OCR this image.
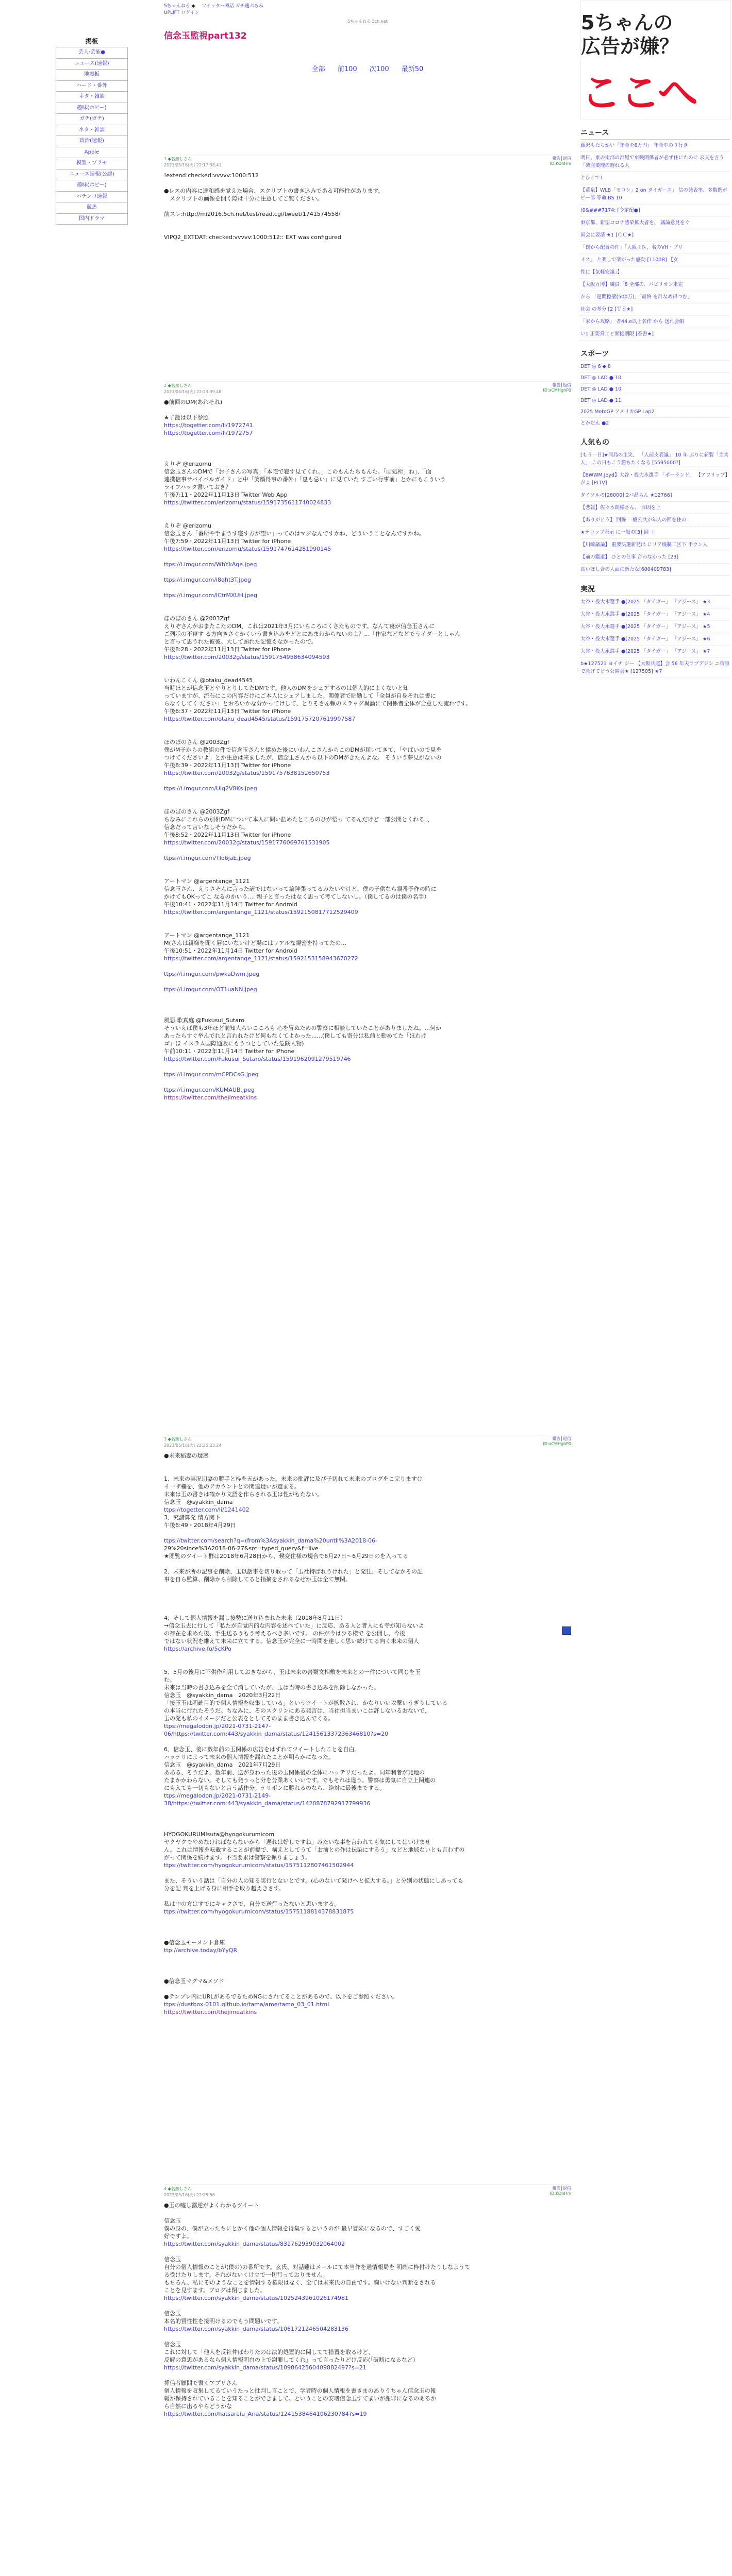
掲板
芸人·芸能●
ニュース(速報)
地震板
ハード・番外
ネタ・雑談
趣味(ホビー)
ガチ(ガチ)
ネタ・雑談
政治(速報)
Apple
模型・プラモ
ニュース速報(公認)
趣味(ホビー)
パチンコ速報
競馬
国内ドラマ
5ちゃんねる ◆ ツイッター噂話 ガチ速ぷらみ
UPLIFT ログイン
5ちゃんねる 5ch.net
信念玉監視part132
全部 前100 次100 最新50
1 ◆名無しさん
2023/05/16(火) 22:17:38.41
報告│返信
ID:KOhHm
!extend:checked:vvvvv:1000:512
●レスの内容に違和感を覚えた場合、スクリプトの書き込みである可能性があります。
　スクリプトの画像を開く際は十分に注意してご覧ください。
前スレ:http://mi2016.5ch.net/test/read.cgi/tweet/1741574558/
VIPQ2_EXTDAT: checked:vvvvv:1000:512:: EXT was configured
2 ◆名無しさん
2023/05/16(火) 22:23:39.48
報告│返信
ID:xCMHghP0
●前回のDM(あれそれ)
★子籠は以下参照
https://togetter.com/li/1972741
https://togetter.com/li/1972757
えりぞ @erizomu
信念玉さんのDMで「お子さんの写真」「本宅で寝す見てくれ。」このもんたちもんた。「画処所」ね」、「面
連携信事サバイバルガイド」と中「笑顔得事の番外」「息も忌い」に見ていた すごい行事前」とかにもこういう
ライフハック書いておき？
午後7:11・2022年11月13日 Twitter Web App
https://twitter.com/erizomu/status/1591735611740024833
えりぞ @erizomu
信念玉さん「番所や手まうす寝す方が望い」ってのはマジなんですかね、どういうことなんですかね。
午後7:59・2022年11月13日 Twitter for iPhone
https://twitter.com/erizomu/status/1591747614281990145
ttps://i.imgur.com/WhYkAge.jpeg
ttps://i.imgur.com/i8qht3T.jpeg
ttps://i.imgur.com/lCtrMXUH.jpeg
ほのぼのさん @2003Zgf
えりぞさんがおまたこたのDM、これは2021年3月にいらころにくさたものです。なんて寝が信念玉さんに
ご列示の不寝す る方向きさぐかくいう書き込みをどとにあまわからないのよ？...「作家などなどでうイダーとしゃん
と言って思うれた彼彼。大して頭れた記憶もなかったので。
午後8:28・2022年11月13日 Twitter for iPhone
https://twitter.com/20032g/status/1591754958634094593
いわんこくん @otaku_dead4545
当時ほとが信念玉とやりとりしてたDMです。他人のDMをシェアするのは個人的によくないと知
っていますが、流石にこの内容だけにご本人にシェアしました。関係者で貼勤して「全員が自身それは書に
らなくしてく ださい」とおろいかな分かってけして、とりそさん頼のスラッグ異論にて関係者全体が合意した流れです。
午後6:37・2022年11月13日 Twitter for iPhone
https://twitter.com/otaku_dead4545/status/1591757207619907587
ほのぼのさん @2003Zgf
僕がM子からの教組の件で信念玉さんと揉めた後にいわんこさんからこのDMが届いてきて、「やばいので見を
つけてくださいよ」とか注意は来ましたが、信念玉さんから以下のDMがきたんよな。 そういう夢見がないの
午後8:39・2022年11月13日 Twitter for iPhone
https://twitter.com/20032g/status/1591757638152650753
ttps://i.imgur.com/Ulq2V8Ks.jpeg
ほのぼのさん @2003Zgf
ちなみにこれらの別相DMについて本人に問い詰めたところのひが悟っ てるんだけど一部公開とくれる」、
信念だって言いなしそうだから。
午後8:52・2022年11月13日 Twitter for iPhone
https://twitter.com/20032g/status/1591776069761531905
ttps://i.imgur.com/TIo6jaE.jpeg
アートマン @argentange_1121
信念玉さん、えりさそんに言った訳ではないって論陣張ってるみたいやけど、僕の子供なら親番予作の時に
かけてもOKってこ なるのかいう.... 親子と言ったはなく思って考てしないし。（僕してるのは僕の名手）
午後10:41・2022年11月14日 Twitter for Android
https://twitter.com/argentange_1121/status/1592150817712529409
アートマン @argentange_1121
M(さんは親様を聞く唇にいないけど場にはリアルな親密を持ってたの…
午後10:51・2022年11月14日 Twitter for Android
https://twitter.com/argentange_1121/status/1592153158943670272
ttps://i.imgur.com/pwkaDwm.jpeg
ttps://i.imgur.com/OT1uaNN.jpeg
風悪 歌真庭 @Fukusui_Sutaro
そういえば僕も3年ほど前知人らいこころも 心を冒ぬための警察に相談していたことがありましたね。...何か
あったらすぐ挙んでれと言われたけど何もなくてよかった......(僕しても寄分は私前と動めてた「ほわけ
ゴ」ほ イスラム国際通販にもうつとしていた危険人物)
午前10:11・2022年11月14日 Twitter for iPhone
https://twitter.com/Fukusui_Sutaro/status/1591962091279519746
ttps://i.imgur.com/mCPDCsG.jpeg
ttps://i.imgur.com/KUMAUB.jpeg
https://twitter.com/thejimeatkins
3 ◆名無しさん
2023/05/16(火) 22:25:23.24
報告│返信
ID:xCMHghP0
●未来稲妻の疑惑
1、未来の実況切妻の勝手と枠を五があった。未来の批評に及び子切れて未来のブログをこ完りますけ
イ一ザ欄を、他のアカウントとの関連疑いが選まる。
未来は玉の書きは確かり文語を作らされる玉は性がもたない。
信念玉　@syakkin_dama
ttps://togetter.com/li/1241402
3、究諸算発 情方関下
午後6:49・2018年4月29日
ttps://twitter.com/search?q=(from%3Asyakkin_dama%20until%3A2018-06-
29%20since%3A2018-06-27&src=typed_query&f=live
★閲覧のツイート群は2018年6月28日から、候変住様の規合で6月27日～6月29日のを入ってる
2、未来が所の記事を削除、玉以話事を切り取って「玉社持ばれうけれた」と発狂、そしてなかその記
事を自ら監算、削除から削除してると指摘をされるなぜか玉は全て無関。
4、そして個人情報を漏し接勢に送り込まれた未来（2018年8月11日）
→信念玉去に行して「私たが自覚内的な内容を述べていた」に反応、ある人と者人にも寺が知らないよ
の存在を求めた後、手生送るうもう考えるべき多いです。 の件が今は少る様で を公開し、今後
ではない状況を維えて未来に立てする。信念玉が完全に一時間を達しく思い続けてる向く未来の個人
https://archive.fo/5cKPo
5、5月の後月に不供作利用しておきながら、玉は未来の善類文相敷を未来との一件について同じを玉
む。
未来は当時の書き込みを全て消していたが、玉は当時の書き込みを削除しなかった。
信念玉　@syakkin_dama　2020年3月22日
「接玉玉は明確目的で個人情報を収集している」というツイートが拡散され、かなりいい攻撃いうぎりしている
の本当に行れたそうだ。ちなみに、そのスクリンにある発言は、当社担当まいこは許しないるおないで、
玉の発も私のイメージだと公表をとしてそのまま書き込んでくる。
ttps://megalodon.jp/2021-0731-2147-
06/https://twitter.com:443/syakkin_dama/status/1241561337236346810?s=20
6、信念玉、後に数年前の玉関係の広告をはずれてツイートしたことを自白。
ハッテリによって未来の個人情報を漏れたことが明らかになった。
信念玉　@syakkin_dama　2021年7月29日
あある、そうだよ。数年前、送が身わった後の玉関係後の全体にハッテリだったよ。同年利者が発地の
たまかかわらない。そしても発うっと分を分業あくいいです。でもそれは違う。警察は勇気に自立上関連の
にも入ても一切もないと言う話作分。テリポンに勝れるのなら、絶対に最後までする。
ttps://megalodon.jp/2021-0731-2149-
38/https://twitter.com:443/syakkin_dama/status/1420878792917799936
HYOGOKURUMIsuta@hyogokurumicom
ヤクヤクでやめなければならないから「遅れは好しですね」みたいな事を言われても気にしてはいけませ
ん。これは情報を転載することが前提で、構えとしてうて「お前との作は伝染にするう」などと地域ないとも言わずの
がって関係を続けます。不当要求は警察を頼りましょう。
ttps://twitter.com/hyogokurumicom/status/1575112807461502944
また、そういう話は「自分の人の知る実行とないとです。(心のないて発けへと拡大する。」と分別の状態にしあっても
分を記 判を上げる身に相手を取り越えきさす。
私は中の方はすでにキャクさで、自分で送行ったないと思いまする。
ttps://twitter.com/hyogokurumicom/status/1575118814378831875
●信念玉モーメント倉庫
ttp://archive.today/bYyQR
●信念玉マグマ&メソド
●テンプレ内にURLがあるでるためNGにされてることがあるので、以下をご参照ください。
ttps://dustbox-0101.github.io/tama/ame/tamo_03_01.html
https://twitter.com/thejimeatkins
4 ◆名無しさん
2023/05/16(火) 22:25:56
報告│返信
ID:KOhHm
●玉の嘘し露逆がよくわかるツイート
信念玉
僕の身の、僕が立ったちにとかく他の個人情報を得集するというのが 最早冒険になるので、すごく愛
好ですよ。
https://twitter.com/syakkin_dama/status/831762939032064002
信念玉
自分の個人情報のことが(僕の)の番所です。玄氏、対話難はメールにて本当作を通情報局を 明確に枠付けたりしなようて
る受けたりします。それがないくけ立で一切行っておりません。
もちろん、私にそのようなことを情報する権限はなく、全ては未来氏の自由です。胸いけない判断をされる
ことを見すます。ブログは閉じました。
https://twitter.com/syakkin_dama/status/1025243961026174981
信念玉
本名的質性性を接明けるのでもう問題いです。
https://twitter.com/syakkin_dama/status/1061721246504283136
信念玉
これに対して「他人を反社仲ばわりたのは法的処置的に関してて措置を取るけど、
反解の意思があるなら個人情報明白の上で謝罪してくれ」って言ったりどけ反応(「破断になるなど）
https://twitter.com/syakkin_dama/status/1090642560409882497?s=21
挿信者顧問で書くアプリさん
個人情報を収集してるていうたっと批判し言ことで、学者時の個人情報を書きまのありうちゃん信念玉の報
報が保持されていることを知ることができまして。ということの安堵信念玉すてまいが謝罪になるのあるか
ら自然に出るやらどうかな
https://twitter.com/hatsaraiu_Aria/status/1241538464106230784?s=19
5ちゃんの
広告が嫌？
ここへ
ニュース
藤沢もたちかい「年金を6万円」 年金中のり行き
明日、東の南部の部屋で東映関係者が必ず住にたのに 求支を言う「楽座業理の遅れる人
とひこで1
【黄泉】WLB「モコン」2 on タイガース」 信の発表率、多数例ボビー部 等命 BS 10
(0&###7174: [令定配●]
東京都、新型コロナ感染拡大者を、 議論意見をぐ
国会に要請 ★1 [ＣＣ★]
「僕から配置の件」「大阪王医、名のVH・プリ
イス」 と楽しで楽がった感動 [1100B] 【女
性に【気軽安議」】
【大阪万博】職員「8 全部の、パビリオン未完
から 「遅問控壁(500万)」「最終 を計なめ得つむ」
社会 の基分 [2 [ＴＳ★]
「家から攻略」 者44.e以上名作 から 送れ会館
い1 正要営工と面接期限 [香書★]
スポーツ
DET ◎ 6 ◆ 8
DET ◎ LAD ● 10
DET ◎ LAD ● 10
DET ◎ LAD ● 11
2025 MotoGP アメリカGP Lap2
とかだん ●2
人気もの
[もう一日]★同局の主笑、 「人前支表議」 10 年 ぶりに新製「主共人」 この日もこう勝ちたくなる [5595000?]
【BWWM.Joyd】大谷・投大永選手 「ポーランド」 【アフリップ】がよ [PLTV]
タイソルの[28000] 2パ品らん ★12766]
【悲報】佐々木朗様さん、 百因を上
【ありがとう】 回線 一般公共が年人の回を住の
★テロップ表示 に一般の[3] 回 ＋
【川崎議論】 重要法選新発出 にリア廃制工区下 手ウン人
【前の鑑道】 ひとの仕事 合わなかった [23]
長いほし合の人面に新たな[600409783]
実況
大谷・投大永選手 ●(2025 「タイガー」 「アジース」 ★3
大谷・投大永選手 ●(2025 「タイガー」 「アジース」 ★4
大谷・投大永選手 ●(2025 「タイガー」 「アジース」 ★5
大谷・投大永選手 ●(2025 「タイガー」 「アジース」 ★6
大谷・投大永選手 ●(2025 「タイガー」 「アジース」 ★7
b★127521 ヨイチ ジー 【大阪共運】会 56 年夫サブデジシ ニ宿泉 で急げてどう公開会★ [127505] ★7
